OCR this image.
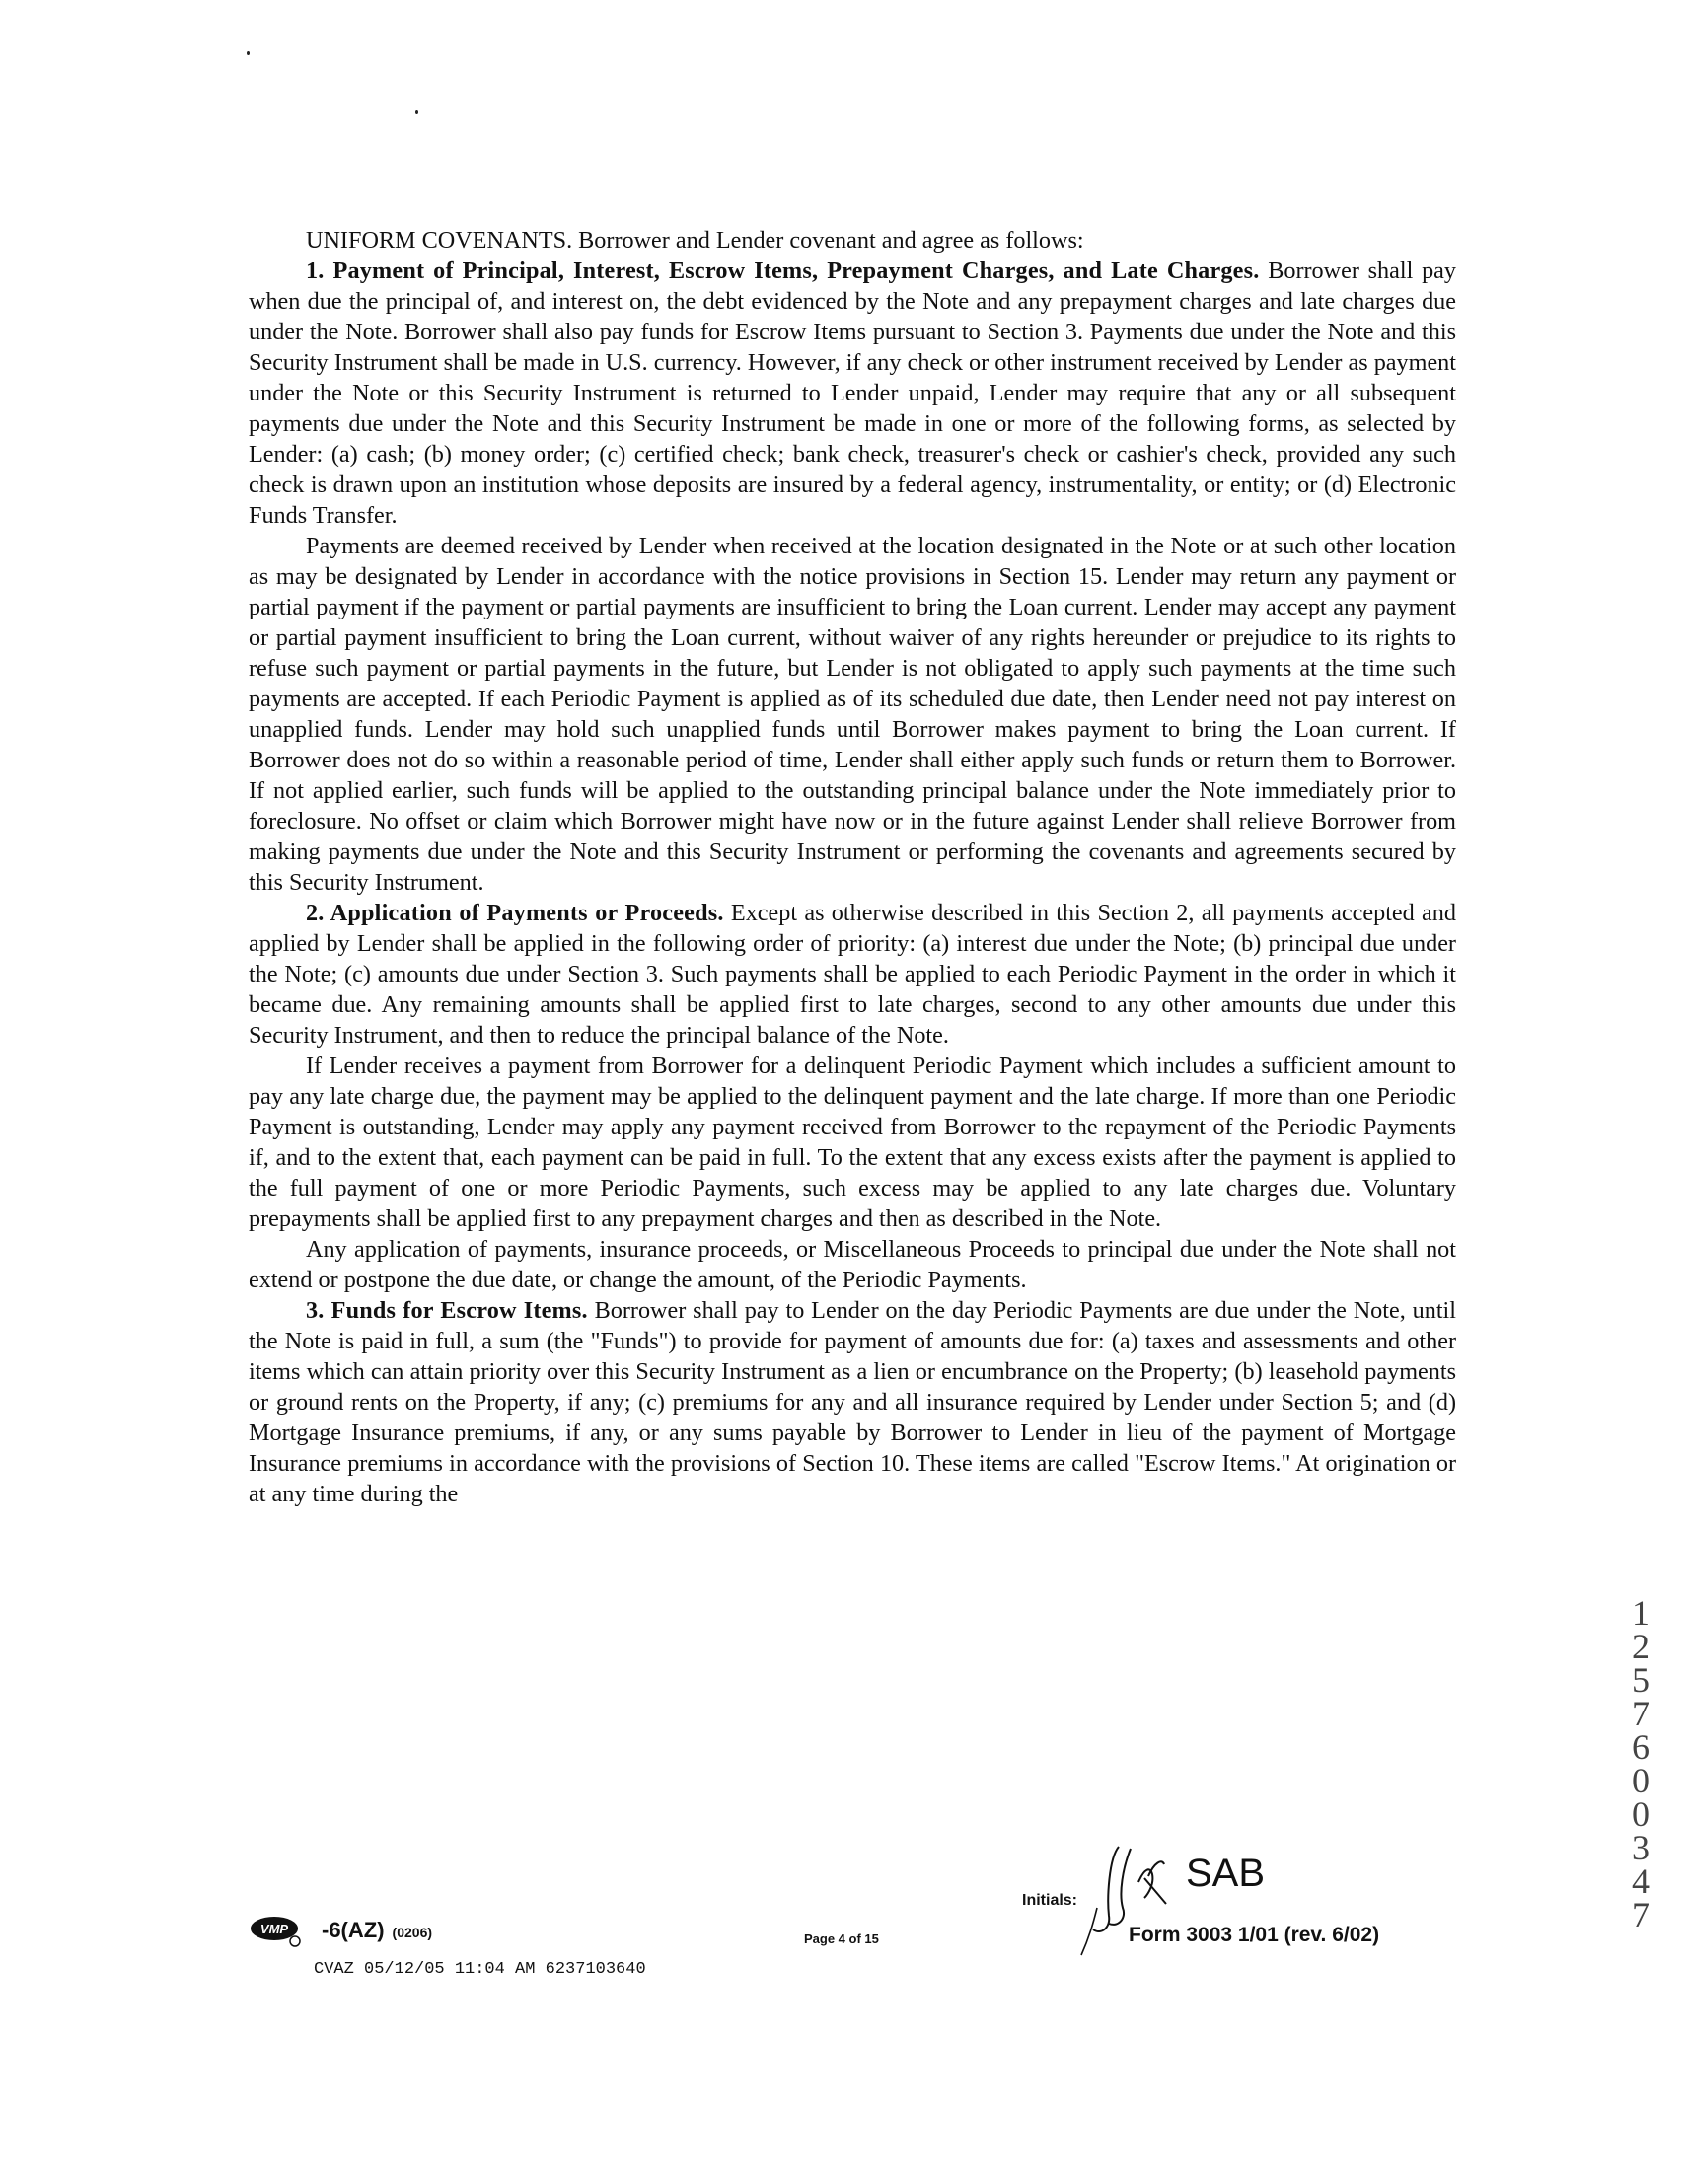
UNIFORM COVENANTS. Borrower and Lender covenant and agree as follows:

1. Payment of Principal, Interest, Escrow Items, Prepayment Charges, and Late Charges. Borrower shall pay when due the principal of, and interest on, the debt evidenced by the Note and any prepayment charges and late charges due under the Note. Borrower shall also pay funds for Escrow Items pursuant to Section 3. Payments due under the Note and this Security Instrument shall be made in U.S. currency. However, if any check or other instrument received by Lender as payment under the Note or this Security Instrument is returned to Lender unpaid, Lender may require that any or all subsequent payments due under the Note and this Security Instrument be made in one or more of the following forms, as selected by Lender: (a) cash; (b) money order; (c) certified check; bank check, treasurer's check or cashier's check, provided any such check is drawn upon an institution whose deposits are insured by a federal agency, instrumentality, or entity; or (d) Electronic Funds Transfer.

Payments are deemed received by Lender when received at the location designated in the Note or at such other location as may be designated by Lender in accordance with the notice provisions in Section 15. Lender may return any payment or partial payment if the payment or partial payments are insufficient to bring the Loan current. Lender may accept any payment or partial payment insufficient to bring the Loan current, without waiver of any rights hereunder or prejudice to its rights to refuse such payment or partial payments in the future, but Lender is not obligated to apply such payments at the time such payments are accepted. If each Periodic Payment is applied as of its scheduled due date, then Lender need not pay interest on unapplied funds. Lender may hold such unapplied funds until Borrower makes payment to bring the Loan current. If Borrower does not do so within a reasonable period of time, Lender shall either apply such funds or return them to Borrower. If not applied earlier, such funds will be applied to the outstanding principal balance under the Note immediately prior to foreclosure. No offset or claim which Borrower might have now or in the future against Lender shall relieve Borrower from making payments due under the Note and this Security Instrument or performing the covenants and agreements secured by this Security Instrument.

2. Application of Payments or Proceeds. Except as otherwise described in this Section 2, all payments accepted and applied by Lender shall be applied in the following order of priority: (a) interest due under the Note; (b) principal due under the Note; (c) amounts due under Section 3. Such payments shall be applied to each Periodic Payment in the order in which it became due. Any remaining amounts shall be applied first to late charges, second to any other amounts due under this Security Instrument, and then to reduce the principal balance of the Note.

If Lender receives a payment from Borrower for a delinquent Periodic Payment which includes a sufficient amount to pay any late charge due, the payment may be applied to the delinquent payment and the late charge. If more than one Periodic Payment is outstanding, Lender may apply any payment received from Borrower to the repayment of the Periodic Payments if, and to the extent that, each payment can be paid in full. To the extent that any excess exists after the payment is applied to the full payment of one or more Periodic Payments, such excess may be applied to any late charges due. Voluntary prepayments shall be applied first to any prepayment charges and then as described in the Note.

Any application of payments, insurance proceeds, or Miscellaneous Proceeds to principal due under the Note shall not extend or postpone the due date, or change the amount, of the Periodic Payments.

3. Funds for Escrow Items. Borrower shall pay to Lender on the day Periodic Payments are due under the Note, until the Note is paid in full, a sum (the "Funds") to provide for payment of amounts due for: (a) taxes and assessments and other items which can attain priority over this Security Instrument as a lien or encumbrance on the Property; (b) leasehold payments or ground rents on the Property, if any; (c) premiums for any and all insurance required by Lender under Section 5; and (d) Mortgage Insurance premiums, if any, or any sums payable by Borrower to Lender in lieu of the payment of Mortgage Insurance premiums in accordance with the provisions of Section 10. These items are called "Escrow Items." At origination or at any time during the

1257600347
VMP -6(AZ) (0206)
CVAZ 05/12/05 11:04 AM 6237103640
Page 4 of 15
Initials:
SAB
Form 3003 1/01 (rev. 6/02)
